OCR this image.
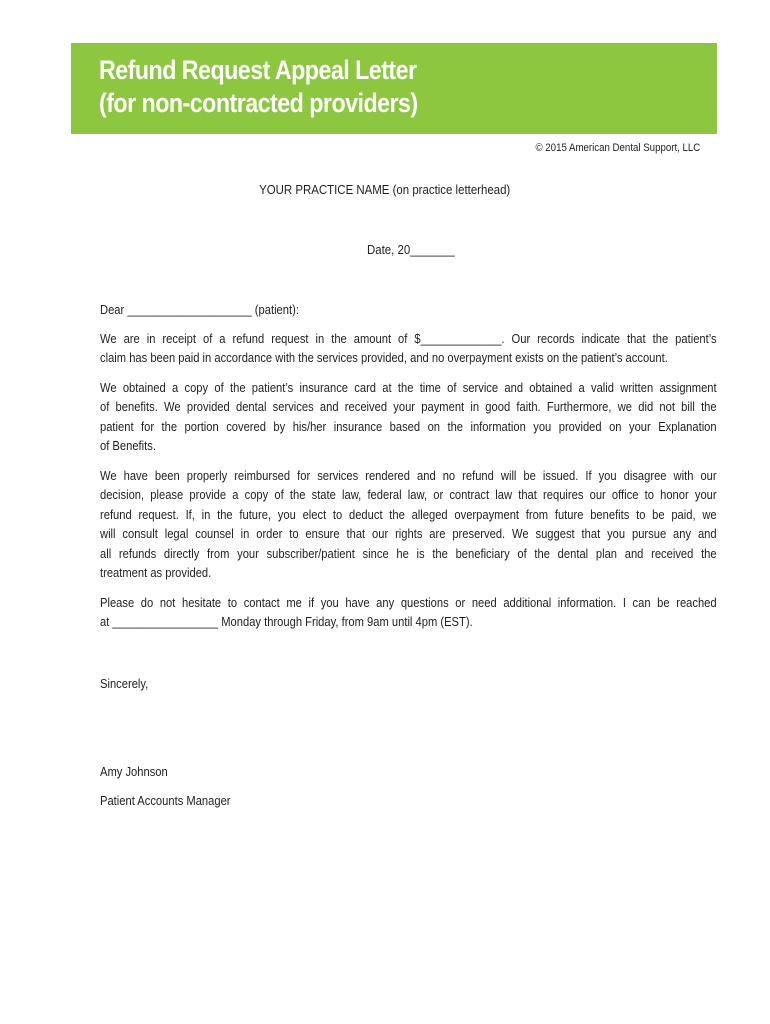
Refund Request Appeal Letter
(for non-contracted providers)
© 2015 American Dental Support, LLC
YOUR PRACTICE NAME (on practice letterhead)
Date, 20_______
Dear ____________________ (patient):
We are in receipt of a refund request in the amount of $_____________. Our records indicate that the patient’s
claim has been paid in accordance with the services provided, and no overpayment exists on the patient’s account.
We obtained a copy of the patient’s insurance card at the time of service and obtained a valid written assignment
of benefits. We provided dental services and received your payment in good faith. Furthermore, we did not bill the
patient for the portion covered by his/her insurance based on the information you provided on your Explanation
of Benefits.
We have been properly reimbursed for services rendered and no refund will be issued. If you disagree with our
decision, please provide a copy of the state law, federal law, or contract law that requires our office to honor your
refund request. If, in the future, you elect to deduct the alleged overpayment from future benefits to be paid, we
will consult legal counsel in order to ensure that our rights are preserved. We suggest that you pursue any and
all refunds directly from your subscriber/patient since he is the beneficiary of the dental plan and received the
treatment as provided.
Please do not hesitate to contact me if you have any questions or need additional information. I can be reached
at _________________ Monday through Friday, from 9am until 4pm (EST).
Sincerely,
Amy Johnson
Patient Accounts Manager
